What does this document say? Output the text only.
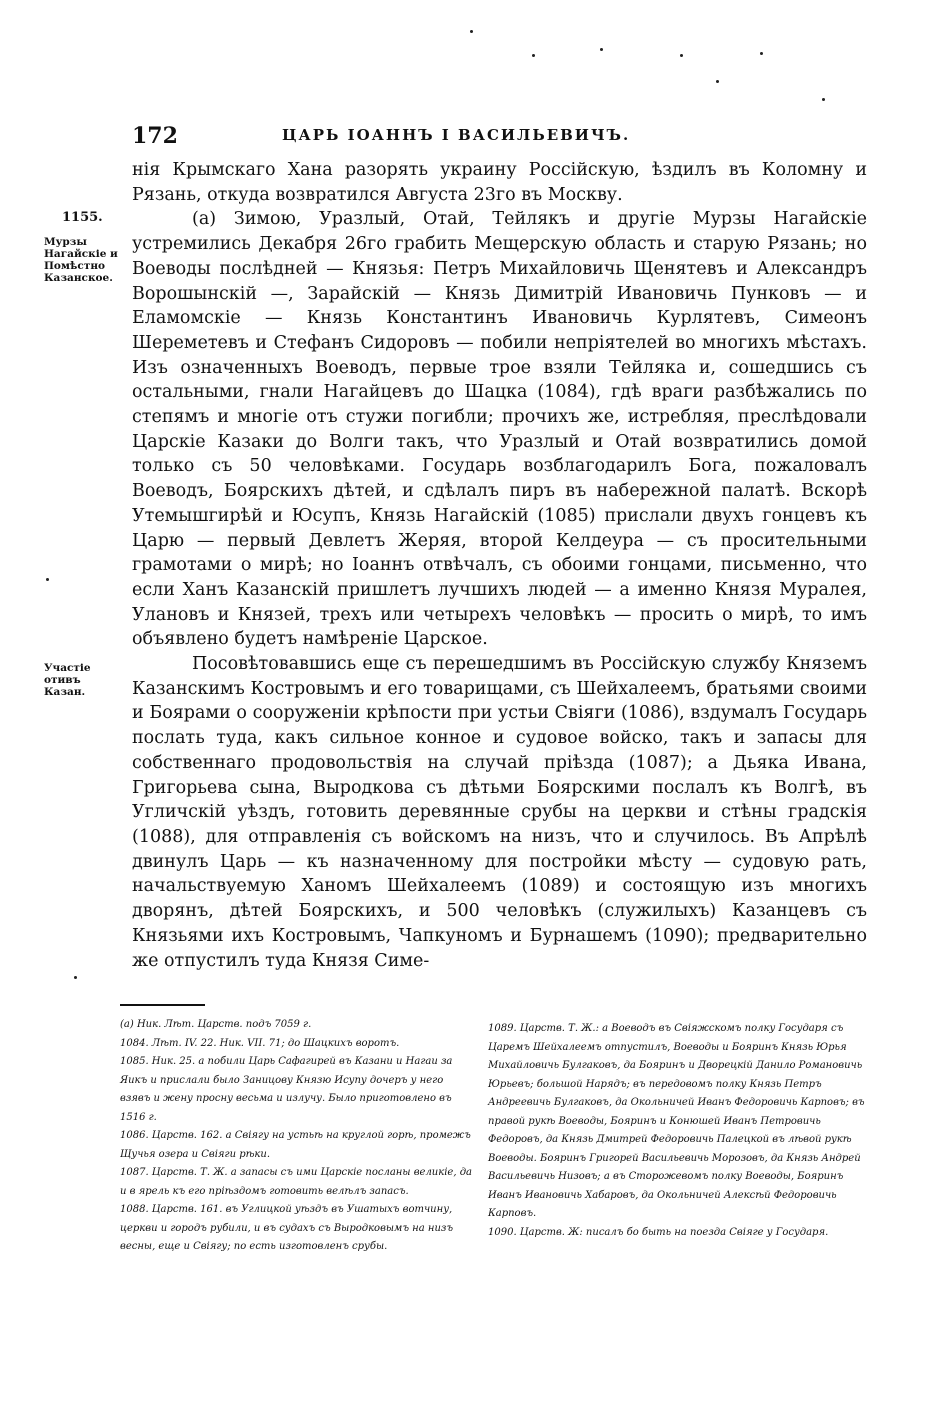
172	ЦАРЬ ІОАННЪ І ВАСИЛЬЕВИЧЪ.
1155.
Мурзы Нагайскіе и Помѣстно Казанское.
Участіе отивъ Казан.

нія Крымскаго Хана разорять украину Россійскую, ѣздилъ въ Коломну и Рязань, откуда возвратился Августа 23го въ Москву.

(а) Зимою, Уразлый, Отай, Тейлякъ и другіе Мурзы Нагайскіе устремились Декабря 26го грабить Мещерскую область и старую Рязань; но Воеводы послѣдней — Князья: Петръ Михайловичь Щенятевъ и Александръ Ворошынскій —, Зарайскій — Князь Димитрій Ивановичь Пунковъ — и Еламомскіе — Князь Константинъ Ивановичь Курлятевъ, Симеонъ Шереметевъ и Стефанъ Сидоровъ — побили непріятелей во многихъ мѣстахъ. Изъ означенныхъ Воеводъ, первые трое взяли Тейляка и, сошедшись съ остальными, гнали Нагайцевъ до Шацка (1084), гдѣ враги разбѣжались по степямъ и многіе отъ стужи погибли; прочихъ же, истребляя, преслѣдовали Царскіе Казаки до Волги такъ, что Уразлый и Отай возвратились домой только съ 50 человѣками. Государь возблагодарилъ Бога, пожаловалъ Воеводъ, Боярскихъ дѣтей, и сдѣлалъ пиръ въ набережной палатѣ. Вскорѣ Утемышгирѣй и Юсупъ, Князь Нагайскій (1085) прислали двухъ гонцевъ къ Царю — первый Девлетъ Жеряя, второй Келдеура — съ просительными грамотами о мирѣ; но Іоаннъ отвѣчалъ, съ обоими гонцами, письменно, что если Ханъ Казанскій пришлетъ лучшихъ людей — а именно Князя Муралея, Улановъ и Князей, трехъ или четырехъ человѣкъ — просить о мирѣ, то имъ объявлено будетъ намѣреніе Царское.

Посовѣтовавшись еще съ перешедшимъ въ Россійскую службу Княземъ Казанскимъ Костровымъ и его товарищами, съ Шейхалеемъ, братьями своими и Боярами о сооруженіи крѣпости при устьи Свіяги (1086), вздумалъ Государь послать туда, какъ сильное конное и судовое войско, такъ и запасы для собственнаго продовольствія на случай пріѣзда (1087); а Дьяка Ивана, Григорьева сына, Выродкова съ дѣтьми Боярскими послалъ къ Волгѣ, въ Угличскій уѣздъ, готовить деревянные срубы на церкви и стѣны градскія (1088), для отправленія съ войскомъ на низъ, что и случилось. Въ Апрѣлѣ двинулъ Царь — къ назначенному для постройки мѣсту — судовую рать, начальствуемую Ханомъ Шейхалеемъ (1089) и состоящую изъ многихъ дворянъ, дѣтей Боярскихъ, и 500 человѣкъ (служилыхъ) Казанцевъ съ Князьями ихъ Костровымъ, Чапкуномъ и Бурнашемъ (1090); предварительно же отпустилъ туда Князя Симе-

(а) Ник. Лѣт. Царств. подъ 7059 г.

1084. Лѣт. IV. 22. Ник. VII. 71; до Шацкихъ воротъ.

1085. Ник. 25. а побили Царь Сафагирей въ Казани и Нагаи за Яикъ и прислали было Заницову Князю Исупу дочеръ у него взявъ и жену просну весьма и излучу. Было приготовлено въ 1516 г.

1086. Царств. 162. а Свіягу на устьѣ на круглой горѣ, промежъ Щучья озера и Свіяги рѣки.

1087. Царств. Т. Ж. а запасы съ ими Царскіе посланы великіе, да и в ярель къ его пріѣздомъ готовить велѣлъ запасъ.

1088. Царств. 161. въ Углицкой уѣздъ въ Ушатыхъ вотчину, церкви и городъ рубили, и въ судахъ съ Выродковымъ на низъ весны, еще и Свіягу; по есть изготовленъ срубы.

1089. Царств. Т. Ж.: а Воеводъ въ Свіяжскомъ полку Государя съ Царемъ Шейхалеемъ отпустилъ, Воеводы и Бояринъ Князь Юрья Михайловичь Булгаковъ, да Бояринъ и Дворецкій Данило Романовичь Юрьевъ; большой Нарядъ; въ передовомъ полку Князь Петръ Андреевичь Булгаковъ, да Окольничей Иванъ Федоровичь Карповъ; въ правой рукѣ Воеводы, Бояринъ и Конюшей Иванъ Петровичь Федоровъ, да Князь Дмитрей Федоровичь Палецкой въ лѣвой рукѣ Воеводы. Бояринъ Григорей Васильевичь Морозовъ, да Князь Андрей Васильевичь Низовъ; а въ Сторожевомъ полку Воеводы, Бояринъ Иванъ Ивановичь Хабаровъ, да Окольничей Алексѣй Федоровичь Карповъ.

1090. Царств. Ж: писалъ бо быть на поезда Свіяге у Государя.
